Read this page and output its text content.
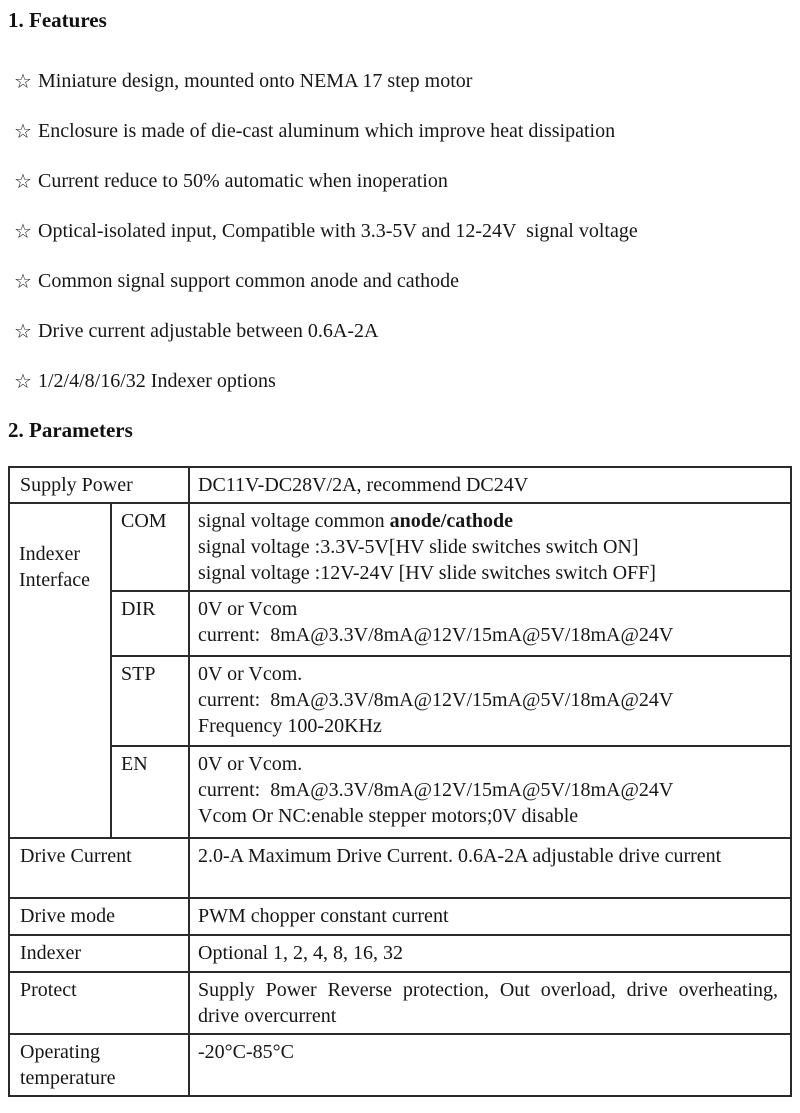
1. Features
☆ Miniature design, mounted onto NEMA 17 step motor
☆ Enclosure is made of die-cast aluminum which improve heat dissipation
☆ Current reduce to 50% automatic when inoperation
☆ Optical-isolated input, Compatible with 3.3-5V and 12-24V  signal voltage
☆ Common signal support common anode and cathode
☆ Drive current adjustable between 0.6A-2A
☆ 1/2/4/8/16/32 Indexer options
2. Parameters
Supply Power		DC11V-DC28V/2A, recommend DC24V
Indexer Interface	COM	signal voltage common anode/cathode
signal voltage :3.3V-5V[HV slide switches switch ON]
signal voltage :12V-24V [HV slide switches switch OFF]

	DIR	0V or Vcom
current:  8mA@3.3V/8mA@12V/15mA@5V/18mA@24V

	STP	0V or Vcom.
current:  8mA@3.3V/8mA@12V/15mA@5V/18mA@24V
Frequency 100-20KHz

	EN	0V or Vcom.
current:  8mA@3.3V/8mA@12V/15mA@5V/18mA@24V
Vcom Or NC:enable stepper motors;0V disable

Drive Current		2.0-A Maximum Drive Current. 0.6A-2A adjustable drive current
Drive mode		PWM chopper constant current
Indexer		Optional 1, 2, 4, 8, 16, 32
Protect		Supply Power Reverse protection, Out overload, drive overheating, drive overcurrent
Operating temperature		-20°C-85°C
